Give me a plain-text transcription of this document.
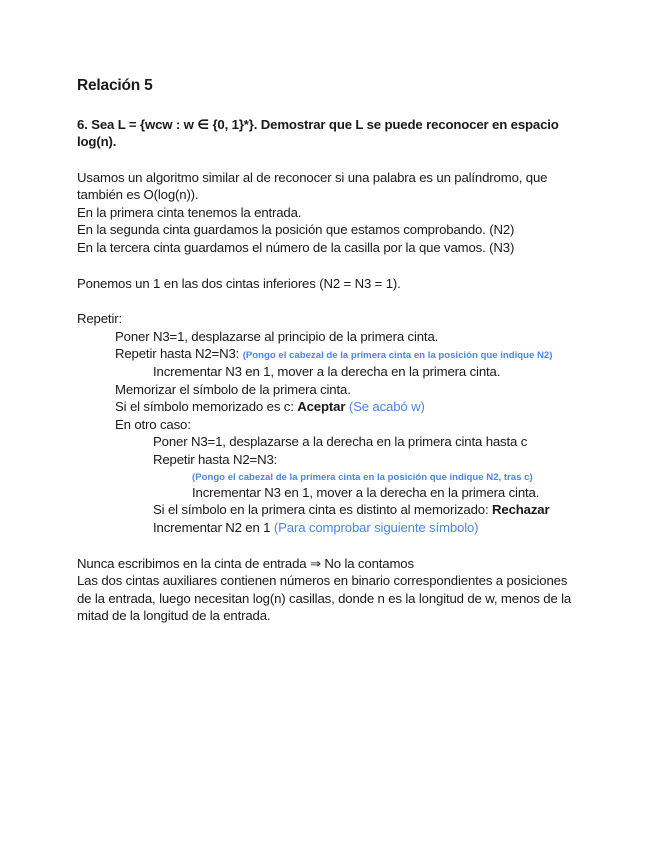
Relación 5
6. Sea L = {wcw : w ∈ {0, 1}*}. Demostrar que L se puede reconocer en espacio
log(n).
Usamos un algoritmo similar al de reconocer si una palabra es un palíndromo, que
también es O(log(n)).
En la primera cinta tenemos la entrada.
En la segunda cinta guardamos la posición que estamos comprobando. (N2)
En la tercera cinta guardamos el número de la casilla por la que vamos. (N3)
Ponemos un 1 en las dos cintas inferiores (N2 = N3 = 1).
Repetir:
Poner N3=1, desplazarse al principio de la primera cinta.
Repetir hasta N2=N3: (Pongo el cabezal de la primera cinta en la posición que indique N2)
Incrementar N3 en 1, mover a la derecha en la primera cinta.
Memorizar el símbolo de la primera cinta.
Si el símbolo memorizado es c: Aceptar (Se acabó w)
En otro caso:
Poner N3=1, desplazarse a la derecha en la primera cinta hasta c
Repetir hasta N2=N3:
(Pongo el cabezal de la primera cinta en la posición que indique N2, tras c)
Incrementar N3 en 1, mover a la derecha en la primera cinta.
Si el símbolo en la primera cinta es distinto al memorizado: Rechazar
Incrementar N2 en 1 (Para comprobar siguiente símbolo)
Nunca escribimos en la cinta de entrada ⇒ No la contamos
Las dos cintas auxiliares contienen números en binario correspondientes a posiciones
de la entrada, luego necesitan log(n) casillas, donde n es la longitud de w, menos de la
mitad de la longitud de la entrada.
